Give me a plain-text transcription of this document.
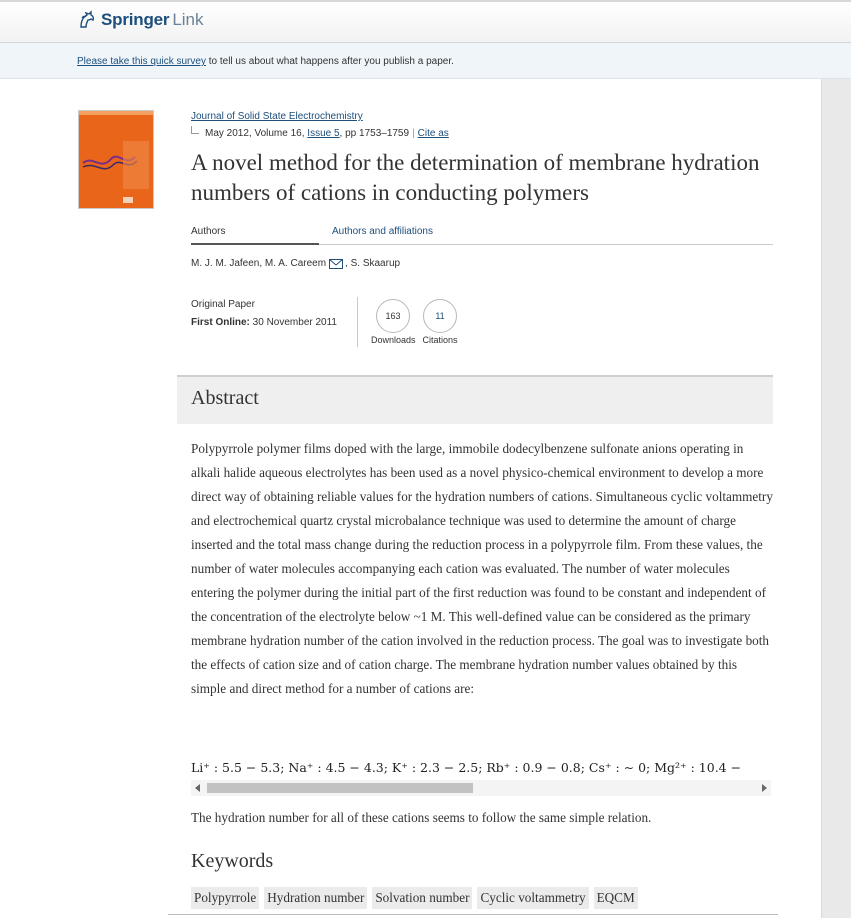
Springer Link
Please take this quick survey to tell us about what happens after you publish a paper.
Journal of Solid State Electrochemistry
May 2012, Volume 16, Issue 5, pp 1753–1759 | Cite as
A novel method for the determination of membrane hydration numbers of cations in conducting polymers
Authors	Authors and affiliations
M. J. M. Jafeen, M. A. Careem , S. Skaarup
Original Paper
First Online: 30 November 2011
163
Downloads
11
Citations
Abstract

Polypyrrole polymer films doped with the large, immobile dodecylbenzene sulfonate anions operating in alkali halide aqueous electrolytes has been used as a novel physico-chemical environment to develop a more direct way of obtaining reliable values for the hydration numbers of cations. Simultaneous cyclic voltammetry and electrochemical quartz crystal microbalance technique was used to determine the amount of charge inserted and the total mass change during the reduction process in a polypyrrole film. From these values, the number of water molecules accompanying each cation was evaluated. The number of water molecules entering the polymer during the initial part of the first reduction was found to be constant and independent of the concentration of the electrolyte below ~1 M. This well-defined value can be considered as the primary membrane hydration number of the cation involved in the reduction process. The goal was to investigate both the effects of cation size and of cation charge. The membrane hydration number values obtained by this simple and direct method for a number of cations are:

Li⁺ : 5.5 − 5.3; Na⁺ : 4.5 − 4.3; K⁺ : 2.3 − 2.5; Rb⁺ : 0.9 − 0.8; Cs⁺ : ∼ 0; Mg²⁺ : 10.4 −
The hydration number for all of these cations seems to follow the same simple relation.
Keywords
Polypyrrole Hydration number Solvation number Cyclic voltammetry EQCM
